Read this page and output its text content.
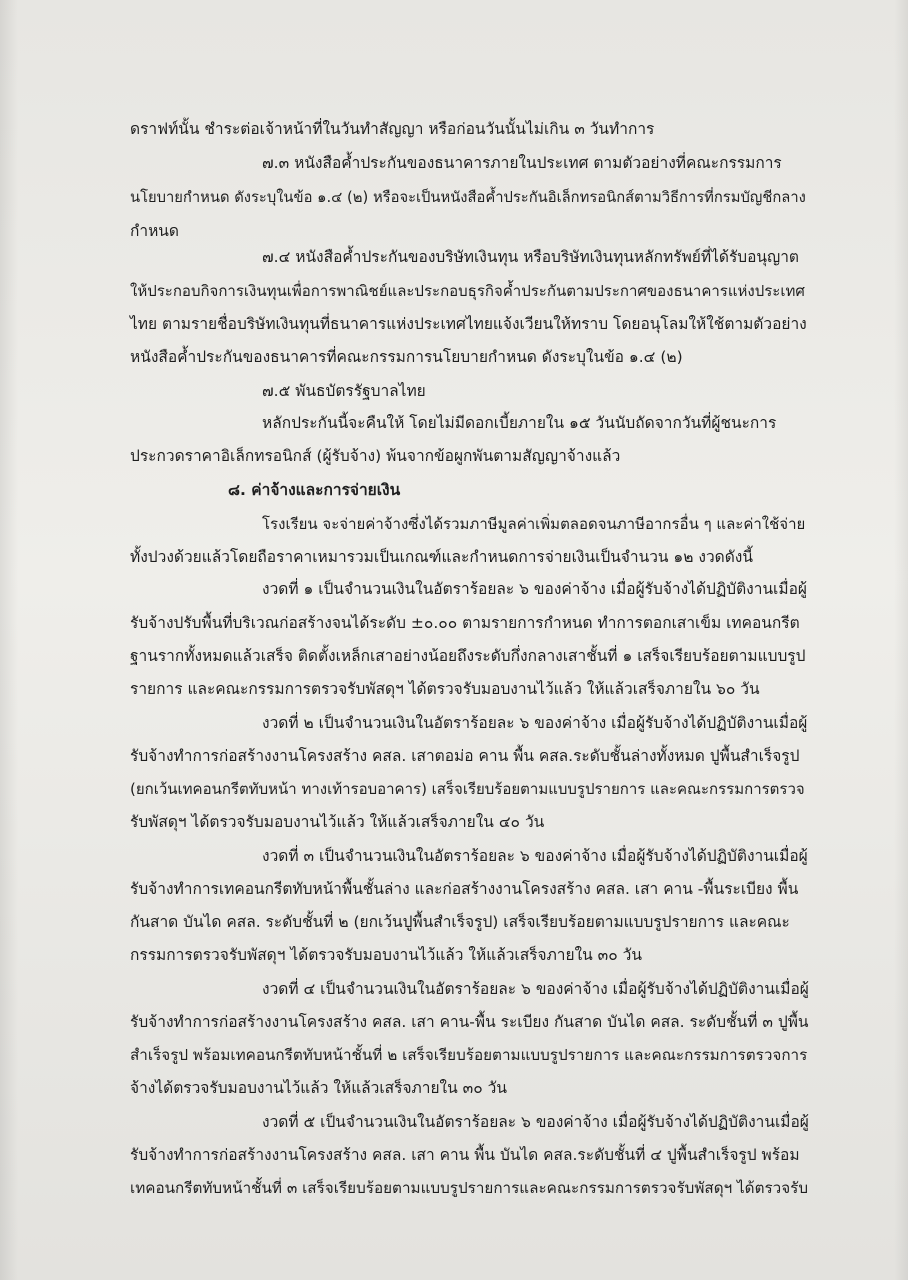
ดราฟท์นั้น ชำระต่อเจ้าหน้าที่ในวันทำสัญญา หรือก่อนวันนั้นไม่เกิน ๓ วันทำการ
๗.๓ หนังสือค้ำประกันของธนาคารภายในประเทศ ตามตัวอย่างที่คณะกรรมการ
นโยบายกำหนด ดังระบุในข้อ ๑.๔ (๒) หรือจะเป็นหนังสือค้ำประกันอิเล็กทรอนิกส์ตามวิธีการที่กรมบัญชีกลาง
กำหนด
๗.๔ หนังสือค้ำประกันของบริษัทเงินทุน หรือบริษัทเงินทุนหลักทรัพย์ที่ได้รับอนุญาต
ให้ประกอบกิจการเงินทุนเพื่อการพาณิชย์และประกอบธุรกิจค้ำประกันตามประกาศของธนาคารแห่งประเทศ
ไทย ตามรายชื่อบริษัทเงินทุนที่ธนาคารแห่งประเทศไทยแจ้งเวียนให้ทราบ โดยอนุโลมให้ใช้ตามตัวอย่าง
หนังสือค้ำประกันของธนาคารที่คณะกรรมการนโยบายกำหนด ดังระบุในข้อ ๑.๔ (๒)
๗.๕ พันธบัตรรัฐบาลไทย
หลักประกันนี้จะคืนให้ โดยไม่มีดอกเบี้ยภายใน ๑๕ วันนับถัดจากวันที่ผู้ชนะการ
ประกวดราคาอิเล็กทรอนิกส์ (ผู้รับจ้าง) พ้นจากข้อผูกพันตามสัญญาจ้างแล้ว
๘. ค่าจ้างและการจ่ายเงิน
โรงเรียน จะจ่ายค่าจ้างซึ่งได้รวมภาษีมูลค่าเพิ่มตลอดจนภาษีอากรอื่น ๆ และค่าใช้จ่าย
ทั้งปวงด้วยแล้วโดยถือราคาเหมารวมเป็นเกณฑ์และกำหนดการจ่ายเงินเป็นจำนวน ๑๒ งวดดังนี้
งวดที่ ๑ เป็นจำนวนเงินในอัตราร้อยละ ๖ ของค่าจ้าง เมื่อผู้รับจ้างได้ปฏิบัติงานเมื่อผู้
รับจ้างปรับพื้นที่บริเวณก่อสร้างจนได้ระดับ ±๐.๐๐ ตามรายการกำหนด ทำการตอกเสาเข็ม เทคอนกรีต
ฐานรากทั้งหมดแล้วเสร็จ ติดตั้งเหล็กเสาอย่างน้อยถึงระดับกึ่งกลางเสาชั้นที่ ๑ เสร็จเรียบร้อยตามแบบรูป
รายการ และคณะกรรมการตรวจรับพัสดุฯ ได้ตรวจรับมอบงานไว้แล้ว ให้แล้วเสร็จภายใน ๖๐ วัน
งวดที่ ๒ เป็นจำนวนเงินในอัตราร้อยละ ๖ ของค่าจ้าง เมื่อผู้รับจ้างได้ปฏิบัติงานเมื่อผู้
รับจ้างทำการก่อสร้างงานโครงสร้าง คสล. เสาตอม่อ คาน พื้น คสล.ระดับชั้นล่างทั้งหมด ปูพื้นสำเร็จรูป
(ยกเว้นเทคอนกรีตทับหน้า ทางเท้ารอบอาคาร) เสร็จเรียบร้อยตามแบบรูปรายการ และคณะกรรมการตรวจ
รับพัสดุฯ ได้ตรวจรับมอบงานไว้แล้ว ให้แล้วเสร็จภายใน ๔๐ วัน
งวดที่ ๓ เป็นจำนวนเงินในอัตราร้อยละ ๖ ของค่าจ้าง เมื่อผู้รับจ้างได้ปฏิบัติงานเมื่อผู้
รับจ้างทำการเทคอนกรีตทับหน้าพื้นชั้นล่าง และก่อสร้างงานโครงสร้าง คสล. เสา คาน -พื้นระเบียง พื้น
กันสาด บันได คสล. ระดับชั้นที่ ๒ (ยกเว้นปูพื้นสำเร็จรูป) เสร็จเรียบร้อยตามแบบรูปรายการ และคณะ
กรรมการตรวจรับพัสดุฯ ได้ตรวจรับมอบงานไว้แล้ว ให้แล้วเสร็จภายใน ๓๐ วัน
งวดที่ ๔ เป็นจำนวนเงินในอัตราร้อยละ ๖ ของค่าจ้าง เมื่อผู้รับจ้างได้ปฏิบัติงานเมื่อผู้
รับจ้างทำการก่อสร้างงานโครงสร้าง คสล. เสา คาน-พื้น ระเบียง กันสาด บันได คสล. ระดับชั้นที่ ๓ ปูพื้น
สำเร็จรูป พร้อมเทคอนกรีตทับหน้าชั้นที่ ๒ เสร็จเรียบร้อยตามแบบรูปรายการ และคณะกรรมการตรวจการ
จ้างได้ตรวจรับมอบงานไว้แล้ว ให้แล้วเสร็จภายใน ๓๐ วัน
งวดที่ ๕ เป็นจำนวนเงินในอัตราร้อยละ ๖ ของค่าจ้าง เมื่อผู้รับจ้างได้ปฏิบัติงานเมื่อผู้
รับจ้างทำการก่อสร้างงานโครงสร้าง คสล. เสา คาน พื้น บันได คสล.ระดับชั้นที่ ๔ ปูพื้นสำเร็จรูป พร้อม
เทคอนกรีตทับหน้าชั้นที่ ๓ เสร็จเรียบร้อยตามแบบรูปรายการและคณะกรรมการตรวจรับพัสดุฯ ได้ตรวจรับ
